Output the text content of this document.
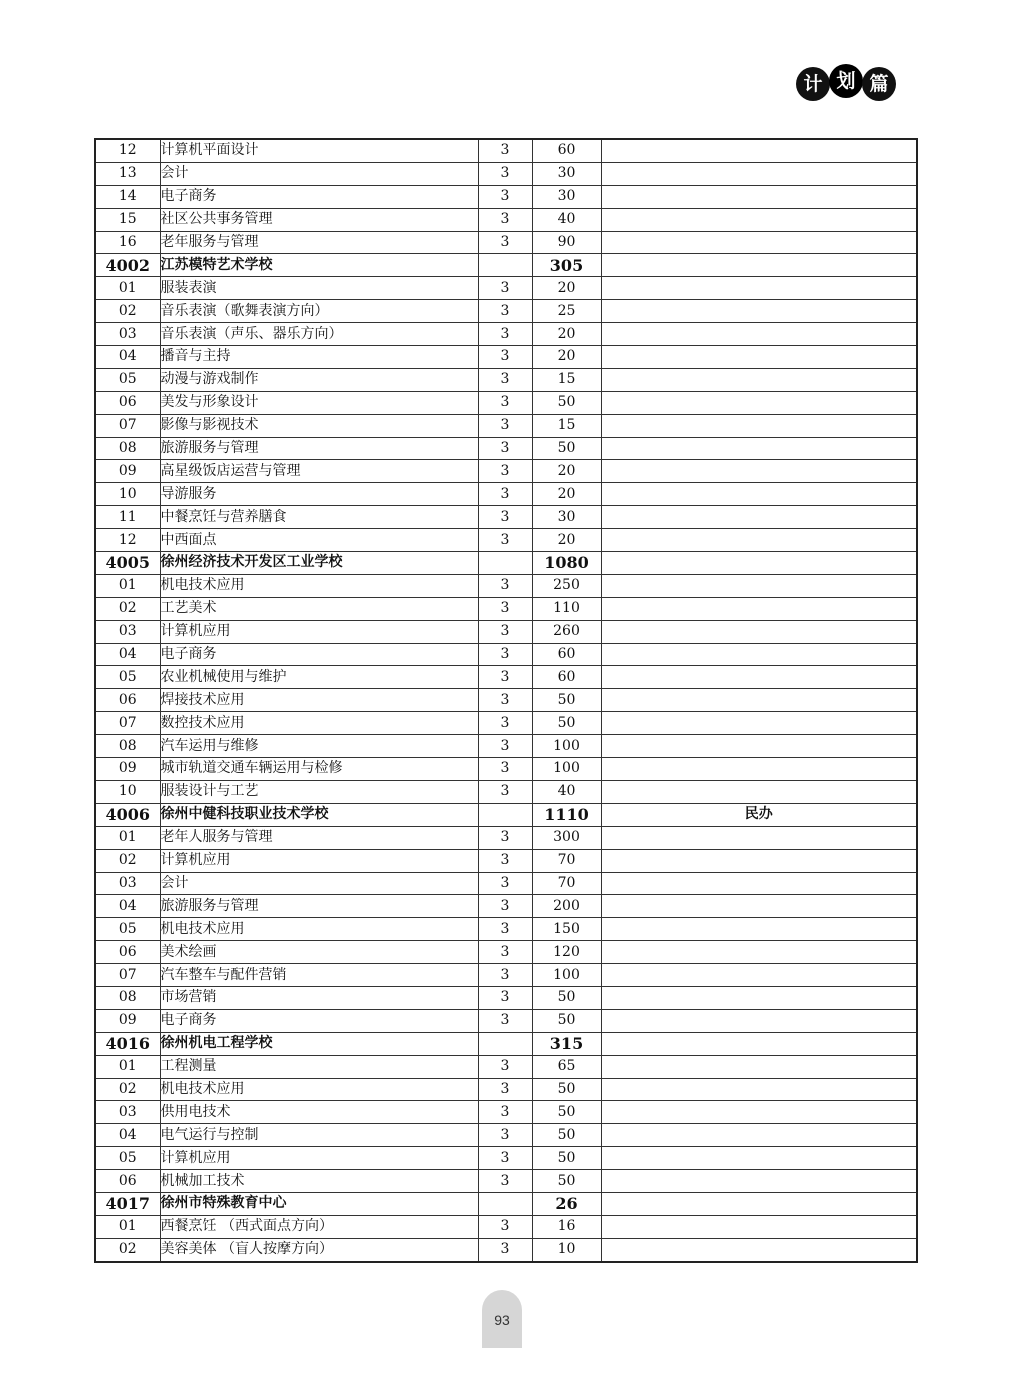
计 划 篇
12	计算机平面设计	3	60	
13	会计	3	30	
14	电子商务	3	30	
15	社区公共事务管理	3	40	
16	老年服务与管理	3	90	
4002	江苏模特艺术学校		305	
01	服装表演	3	20	
02	音乐表演（歌舞表演方向）	3	25	
03	音乐表演（声乐、器乐方向）	3	20	
04	播音与主持	3	20	
05	动漫与游戏制作	3	15	
06	美发与形象设计	3	50	
07	影像与影视技术	3	15	
08	旅游服务与管理	3	50	
09	高星级饭店运营与管理	3	20	
10	导游服务	3	20	
11	中餐烹饪与营养膳食	3	30	
12	中西面点	3	20	
4005	徐州经济技术开发区工业学校		1080	
01	机电技术应用	3	250	
02	工艺美术	3	110	
03	计算机应用	3	260	
04	电子商务	3	60	
05	农业机械使用与维护	3	60	
06	焊接技术应用	3	50	
07	数控技术应用	3	50	
08	汽车运用与维修	3	100	
09	城市轨道交通车辆运用与检修	3	100	
10	服装设计与工艺	3	40	
4006	徐州中健科技职业技术学校		1110	民办
01	老年人服务与管理	3	300	
02	计算机应用	3	70	
03	会计	3	70	
04	旅游服务与管理	3	200	
05	机电技术应用	3	150	
06	美术绘画	3	120	
07	汽车整车与配件营销	3	100	
08	市场营销	3	50	
09	电子商务	3	50	
4016	徐州机电工程学校		315	
01	工程测量	3	65	
02	机电技术应用	3	50	
03	供用电技术	3	50	
04	电气运行与控制	3	50	
05	计算机应用	3	50	
06	机械加工技术	3	50	
4017	徐州市特殊教育中心		26	
01	西餐烹饪 （西式面点方向）	3	16	
02	美容美体 （盲人按摩方向）	3	10	
93
